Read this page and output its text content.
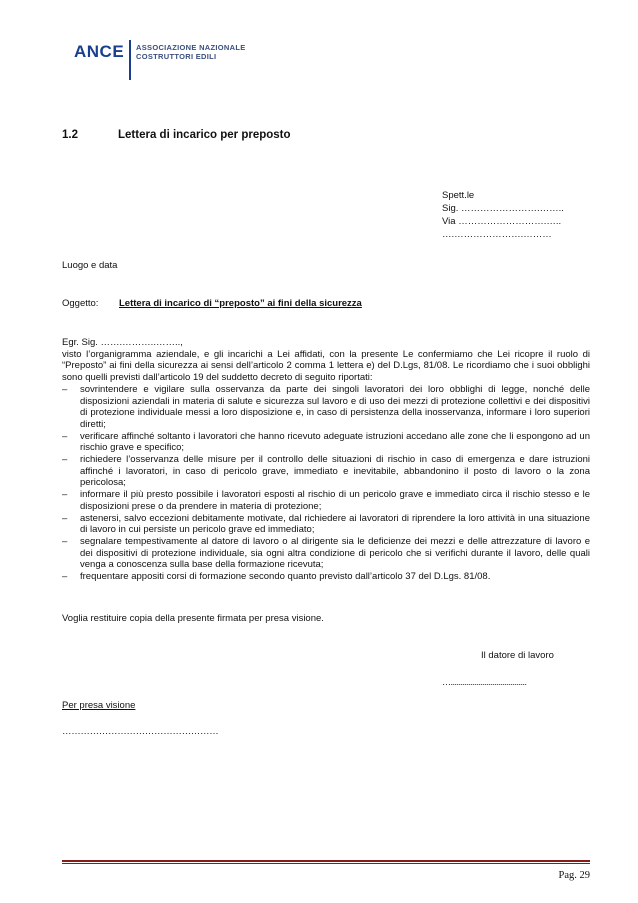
ANCE ASSOCIAZIONE NAZIONALE
COSTRUTTORI EDILI
1.2	Lettera di incarico per preposto
Spett.le
Sig. …………………….……..
Via ……………………….…..
….………………….………
Luogo e data
Oggetto: Lettera di incarico di “preposto” ai fini della sicurezza

Egr. Sig. …….………..……..,

visto l’organigramma aziendale, e gli incarichi a Lei affidati, con la presente Le confermiamo che Lei ricopre il ruolo di “Preposto” ai fini della sicurezza ai sensi dell’articolo 2 comma 1 lettera e) del D.Lgs, 81/08. Le ricordiamo che i suoi obblighi sono quelli previsti dall’articolo 19 del suddetto decreto di seguito riportati:

– sovrintendere e vigilare sulla osservanza da parte dei singoli lavoratori dei loro obblighi di legge, nonché delle disposizioni aziendali in materia di salute e sicurezza sul lavoro e di uso dei mezzi di protezione collettivi e dei dispositivi di protezione individuale messi a loro disposizione e, in caso di persistenza della inosservanza, informare i loro superiori diretti;
– verificare affinché soltanto i lavoratori che hanno ricevuto adeguate istruzioni accedano alle zone che li espongono ad un rischio grave e specifico;
– richiedere l’osservanza delle misure per il controllo delle situazioni di rischio in caso di emergenza e dare istruzioni affinché i lavoratori, in caso di pericolo grave, immediato e inevitabile, abbandonino il posto di lavoro o la zona pericolosa;
– informare il più presto possibile i lavoratori esposti al rischio di un pericolo grave e immediato circa il rischio stesso e le disposizioni prese o da prendere in materia di protezione;
– astenersi, salvo eccezioni debitamente motivate, dal richiedere ai lavoratori di riprendere la loro attività in una situazione di lavoro in cui persiste un pericolo grave ed immediato;
– segnalare tempestivamente al datore di lavoro o al dirigente sia le deficienze dei mezzi e delle attrezzature di lavoro e dei dispositivi di protezione individuale, sia ogni altra condizione di pericolo che si verifichi durante il lavoro, delle quali venga a conoscenza sulla base della formazione ricevuta;
– frequentare appositi corsi di formazione secondo quanto previsto dall’articolo 37 del D.Lgs. 81/08.
Voglia restituire copia della presente firmata per presa visione.
Il datore di lavoro
…......................................
Per presa visione
……………………………………………
Pag. 29
